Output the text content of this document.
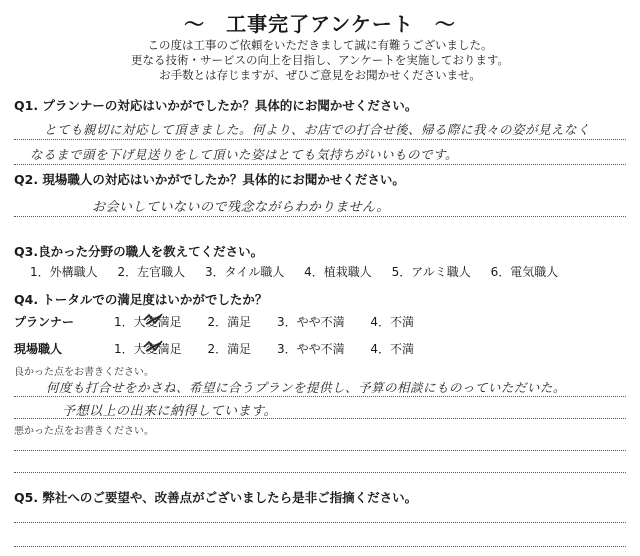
〜　工事完了アンケート　〜
この度は工事のご依頼をいただきまして誠に有難うございました。
更なる技術・サービスの向上を目指し、アンケートを実施しております。
お手数とは存じますが、ぜひご意見をお聞かせくださいませ。
Q1. プランナーの対応はいかがでしたか？具体的にお聞かせください。
とても親切に対応して頂きました。何より、お店での打合せ後、帰る際に我々の姿が見えなく
なるまで頭を下げ見送りをして頂いた姿はとても気持ちがいいものです。
Q2. 現場職人の対応はいかがでしたか？具体的にお聞かせください。
お会いしていないので残念ながらわかりません。
Q3.良かった分野の職人を教えてください。
1．外構職人 2．左官職人 3．タイル職人 4．植栽職人 5．アルミ職人 6．電気職人
Q4. トータルでの満足度はいかがでしたか？
プランナー	1．大変満足 2．満足 3．やや不満 4．不満
現場職人	1．大変満足 2．満足 3．やや不満 4．不満
良かった点をお書きください。
何度も打合せをかさね、希望に合うプランを提供し、予算の相談にものっていただいた。
予想以上の出来に納得しています。
悪かった点をお書きください。
Q5. 弊社へのご要望や、改善点がございましたら是非ご指摘ください。
